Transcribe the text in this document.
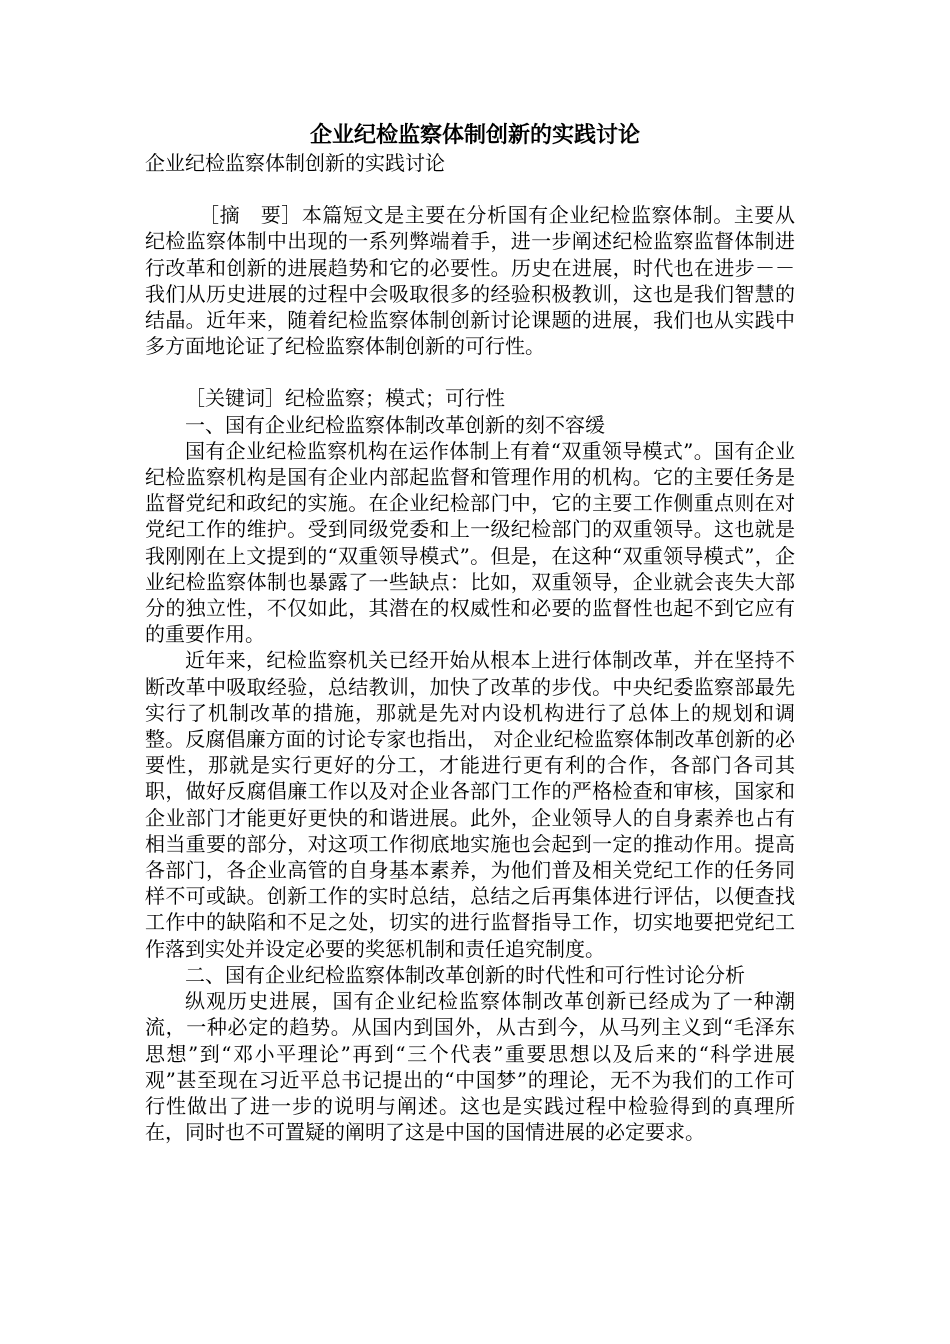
企业纪检监察体制创新的实践讨论

企业纪检监察体制创新的实践讨论

［摘　要］本篇短文是主要在分析国有企业纪检监察体制。主要从纪检监察体制中出现的一系列弊端着手，进一步阐述纪检监察监督体制进行改革和创新的进展趋势和它的必要性。历史在进展，时代也在进步－－我们从历史进展的过程中会吸取很多的经验积极教训，这也是我们智慧的结晶。近年来，随着纪检监察体制创新讨论课题的进展，我们也从实践中多方面地论证了纪检监察体制创新的可行性。

［关键词］纪检监察；模式；可行性

一、国有企业纪检监察体制改革创新的刻不容缓

国有企业纪检监察机构在运作体制上有着“双重领导模式”。国有企业纪检监察机构是国有企业内部起监督和管理作用的机构。它的主要任务是监督党纪和政纪的实施。在企业纪检部门中，它的主要工作侧重点则在对党纪工作的维护。受到同级党委和上一级纪检部门的双重领导。这也就是我刚刚在上文提到的“双重领导模式”。但是，在这种“双重领导模式”，企业纪检监察体制也暴露了一些缺点：比如，双重领导，企业就会丧失大部分的独立性，不仅如此，其潜在的权威性和必要的监督性也起不到它应有的重要作用。

近年来，纪检监察机关已经开始从根本上进行体制改革，并在坚持不断改革中吸取经验，总结教训，加快了改革的步伐。中央纪委监察部最先实行了机制改革的措施，那就是先对内设机构进行了总体上的规划和调整。反腐倡廉方面的讨论专家也指出， 对企业纪检监察体制改革创新的必要性，那就是实行更好的分工，才能进行更有利的合作，各部门各司其职，做好反腐倡廉工作以及对企业各部门工作的严格检查和审核，国家和企业部门才能更好更快的和谐进展。此外，企业领导人的自身素养也占有相当重要的部分，对这项工作彻底地实施也会起到一定的推动作用。提高各部门，各企业高管的自身基本素养，为他们普及相关党纪工作的任务同样不可或缺。创新工作的实时总结，总结之后再集体进行评估，以便查找工作中的缺陷和不足之处，切实的进行监督指导工作，切实地要把党纪工作落到实处并设定必要的奖惩机制和责任追究制度。

二、国有企业纪检监察体制改革创新的时代性和可行性讨论分析

纵观历史进展，国有企业纪检监察体制改革创新已经成为了一种潮流，一种必定的趋势。从国内到国外，从古到今，从马列主义到“毛泽东思想”到“邓小平理论”再到“三个代表”重要思想以及后来的“科学进展观”甚至现在习近平总书记提出的“中国梦”的理论，无不为我们的工作可行性做出了进一步的说明与阐述。这也是实践过程中检验得到的真理所在，同时也不可置疑的阐明了这是中国的国情进展的必定要求。
